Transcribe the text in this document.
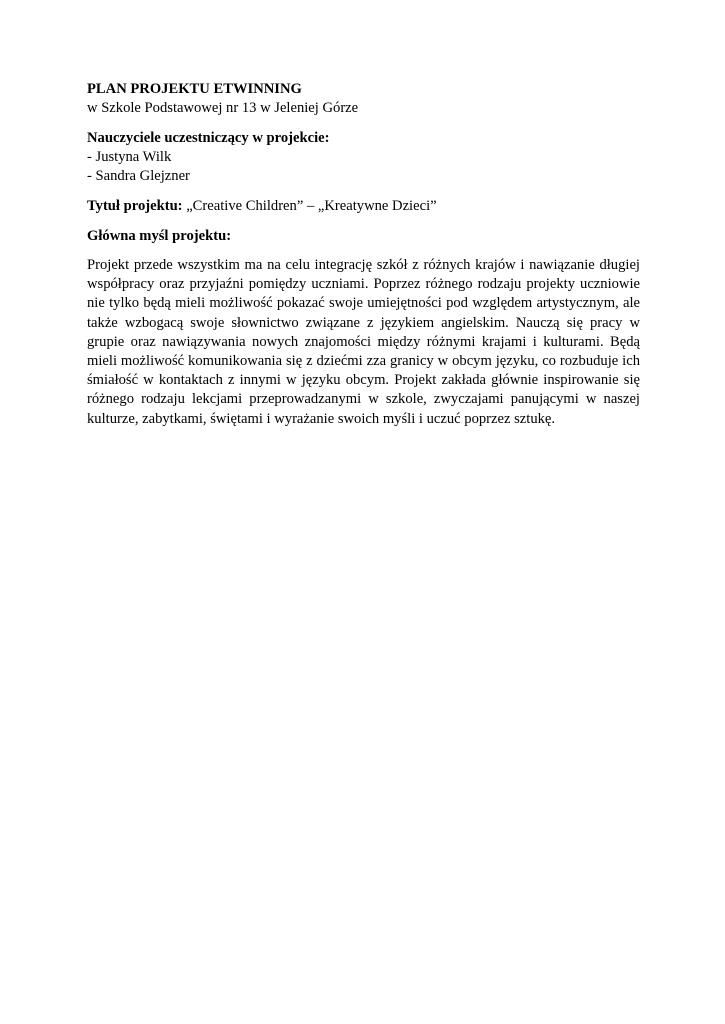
PLAN PROJEKTU ETWINNING
w Szkole Podstawowej nr 13 w Jeleniej Górze
Nauczyciele uczestniczący w projekcie:
- Justyna Wilk
- Sandra Glejzner
Tytuł projektu: „Creative Children” – „Kreatywne Dzieci”
Główna myśl projektu:

Projekt przede wszystkim ma na celu integrację szkół z różnych krajów i nawiązanie długiej współpracy oraz przyjaźni pomiędzy uczniami. Poprzez różnego rodzaju projekty uczniowie nie tylko będą mieli możliwość pokazać swoje umiejętności pod względem artystycznym, ale także wzbogacą swoje słownictwo związane z językiem angielskim. Nauczą się pracy w grupie oraz nawiązywania nowych znajomości między różnymi krajami i kulturami. Będą mieli możliwość komunikowania się z dziećmi zza granicy w obcym języku, co rozbuduje ich śmiałość w kontaktach z innymi w języku obcym. Projekt zakłada głównie inspirowanie się różnego rodzaju lekcjami przeprowadzanymi w szkole, zwyczajami panującymi w naszej kulturze, zabytkami, świętami i wyrażanie swoich myśli i uczuć poprzez sztukę.
